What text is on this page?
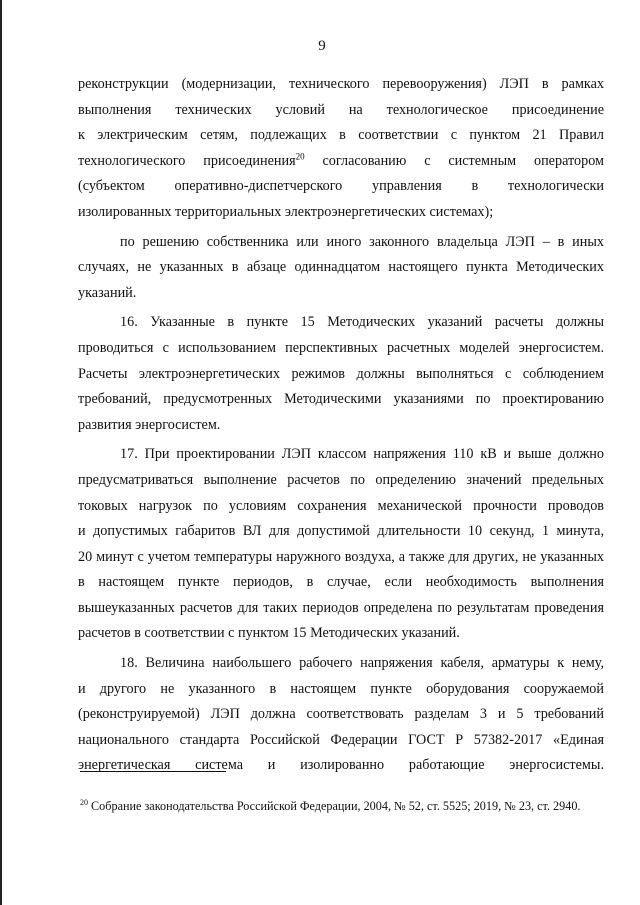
9

реконструкции (модернизации, технического перевооружения) ЛЭП в рамках

выполнения технических условий на технологическое присоединение

к электрическим сетям, подлежащих в соответствии с пунктом 21 Правил

технологического присоединения$^{20}$ согласованию с системным оператором

(субъектом оперативно-диспетчерского управления в технологически

изолированных территориальных электроэнергетических системах);

по решению собственника или иного законного владельца ЛЭП – в иных

случаях, не указанных в абзаце одиннадцатом настоящего пункта Методических

указаний.

16. Указанные в пункте 15 Методических указаний расчеты должны

проводиться с использованием перспективных расчетных моделей энергосистем.

Расчеты электроэнергетических режимов должны выполняться с соблюдением

требований, предусмотренных Методическими указаниями по проектированию

развития энергосистем.

17. При проектировании ЛЭП классом напряжения 110 кВ и выше должно

предусматриваться выполнение расчетов по определению значений предельных

токовых нагрузок по условиям сохранения механической прочности проводов

и допустимых габаритов ВЛ для допустимой длительности 10 секунд, 1 минута,

20 минут с учетом температуры наружного воздуха, а также для других, не указанных

в настоящем пункте периодов, в случае, если необходимость выполнения

вышеуказанных расчетов для таких периодов определена по результатам проведения

расчетов в соответствии с пунктом 15 Методических указаний.

18. Величина наибольшего рабочего напряжения кабеля, арматуры к нему,

и другого не указанного в настоящем пункте оборудования сооружаемой

(реконструируемой) ЛЭП должна соответствовать разделам 3 и 5 требований

национального стандарта Российской Федерации ГОСТ Р 57382-2017 «Единая

энергетическая система и изолированно работающие энергосистемы.

$^{20}$ Собрание законодательства Российской Федерации, 2004, № 52, ст. 5525; 2019, № 23, ст. 2940.
